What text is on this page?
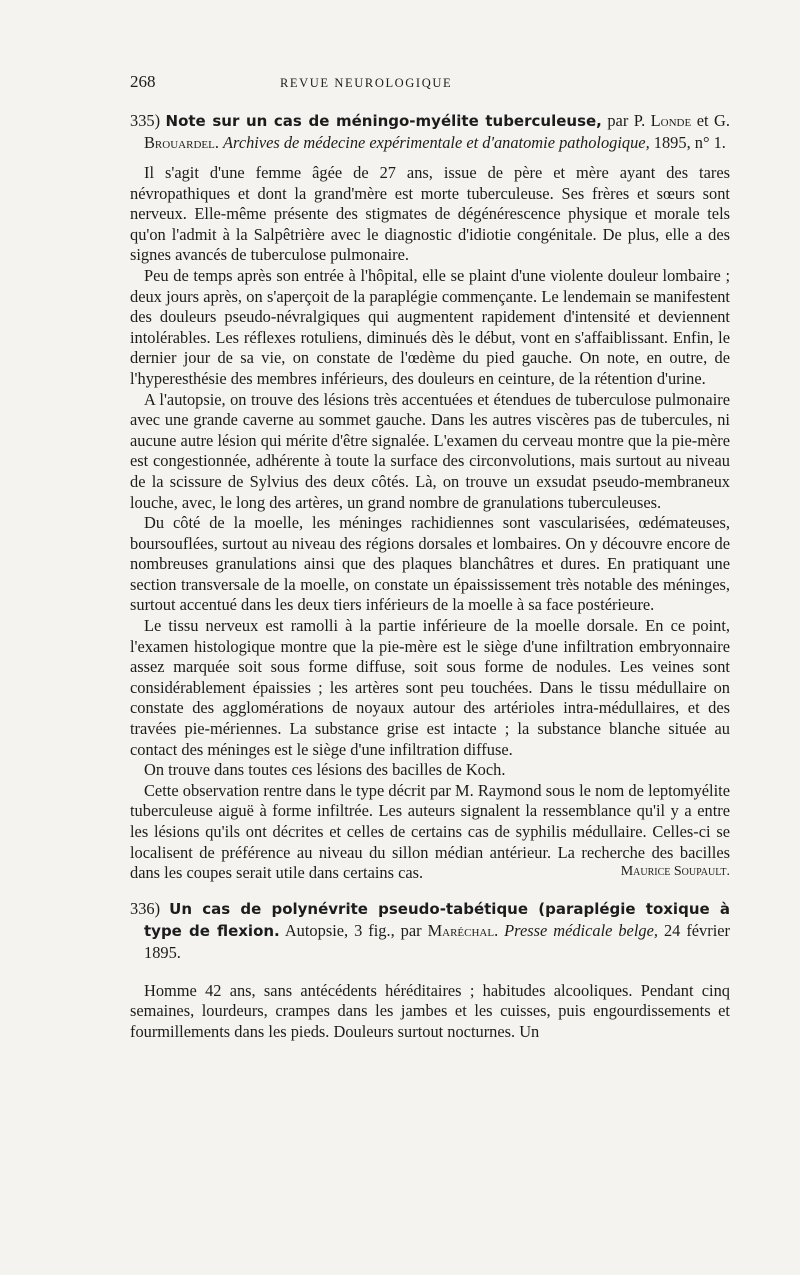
268	REVUE NEUROLOGIQUE
335) Note sur un cas de méningo-myélite tuberculeuse, par P. Londe et G. Brouardel. Archives de médecine expérimentale et d'anatomie pathologique, 1895, n° 1.

Il s'agit d'une femme âgée de 27 ans, issue de père et mère ayant des tares névropathiques et dont la grand'mère est morte tuberculeuse. Ses frères et sœurs sont nerveux. Elle-même présente des stigmates de dégénérescence physique et morale tels qu'on l'admit à la Salpêtrière avec le diagnostic d'idiotie congénitale. De plus, elle a des signes avancés de tuberculose pulmonaire.

Peu de temps après son entrée à l'hôpital, elle se plaint d'une violente douleur lombaire ; deux jours après, on s'aperçoit de la paraplégie commençante. Le lendemain se manifestent des douleurs pseudo-névralgiques qui augmentent rapidement d'intensité et deviennent intolérables. Les réflexes rotuliens, diminués dès le début, vont en s'affaiblissant. Enfin, le dernier jour de sa vie, on constate de l'œdème du pied gauche. On note, en outre, de l'hyperesthésie des membres inférieurs, des douleurs en ceinture, de la rétention d'urine.

A l'autopsie, on trouve des lésions très accentuées et étendues de tuberculose pulmonaire avec une grande caverne au sommet gauche. Dans les autres viscères pas de tubercules, ni aucune autre lésion qui mérite d'être signalée. L'examen du cerveau montre que la pie-mère est congestionnée, adhérente à toute la surface des circonvolutions, mais surtout au niveau de la scissure de Sylvius des deux côtés. Là, on trouve un exsudat pseudo-membraneux louche, avec, le long des artères, un grand nombre de granulations tuberculeuses.

Du côté de la moelle, les méninges rachidiennes sont vascularisées, œdémateuses, boursouflées, surtout au niveau des régions dorsales et lombaires. On y découvre encore de nombreuses granulations ainsi que des plaques blanchâtres et dures. En pratiquant une section transversale de la moelle, on constate un épaississement très notable des méninges, surtout accentué dans les deux tiers inférieurs de la moelle à sa face postérieure.

Le tissu nerveux est ramolli à la partie inférieure de la moelle dorsale. En ce point, l'examen histologique montre que la pie-mère est le siège d'une infiltration embryonnaire assez marquée soit sous forme diffuse, soit sous forme de nodules. Les veines sont considérablement épaissies ; les artères sont peu touchées. Dans le tissu médullaire on constate des agglomérations de noyaux autour des artérioles intra-médullaires, et des travées pie-mériennes. La substance grise est intacte ; la substance blanche située au contact des méninges est le siège d'une infiltration diffuse.

On trouve dans toutes ces lésions des bacilles de Koch.

Cette observation rentre dans le type décrit par M. Raymond sous le nom de leptomyélite tuberculeuse aiguë à forme infiltrée. Les auteurs signalent la ressemblance qu'il y a entre les lésions qu'ils ont décrites et celles de certains cas de syphilis médullaire. Celles-ci se localisent de préférence au niveau du sillon médian antérieur. La recherche des bacilles dans les coupes serait utile dans certains cas.	Maurice Soupault.
336) Un cas de polynévrite pseudo-tabétique (paraplégie toxique à type de flexion. Autopsie, 3 fig., par Maréchal. Presse médicale belge, 24 février 1895.

Homme 42 ans, sans antécédents héréditaires ; habitudes alcooliques. Pendant cinq semaines, lourdeurs, crampes dans les jambes et les cuisses, puis engourdissements et fourmillements dans les pieds. Douleurs surtout nocturnes. Un
